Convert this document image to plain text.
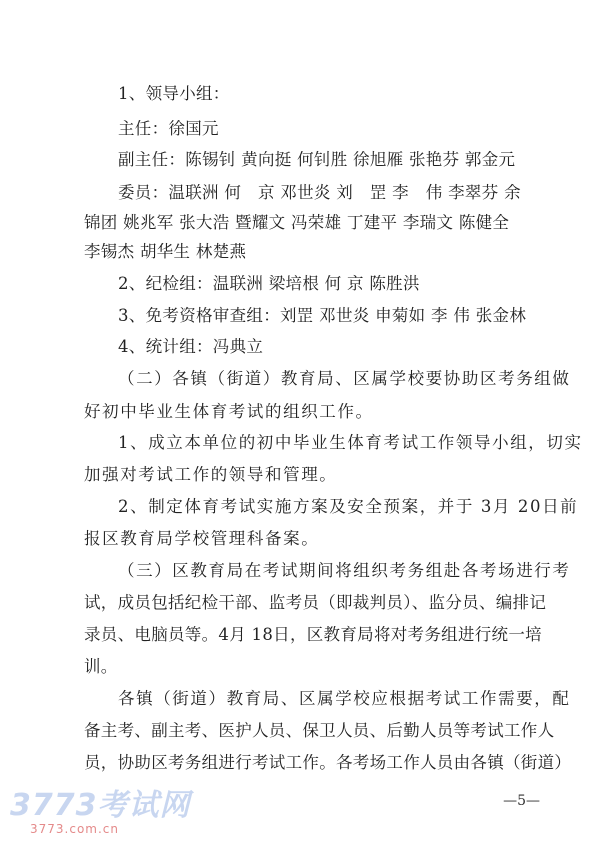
1、领导小组：
主任：徐国元
副主任：陈锡钊 黄向挺 何钊胜 徐旭雁 张艳芬 郭金元
委员：温联洲 何　京 邓世炎 刘　罡 李　伟 李翠芬 余
锦团 姚兆军 张大浩 暨耀文 冯荣雄 丁建平 李瑞文 陈健全
李锡杰 胡华生 林楚燕
2、纪检组：温联洲 梁培根 何 京 陈胜洪
3、免考资格审查组：刘罡 邓世炎 申菊如 李 伟 张金林
4、统计组：冯典立
（二）各镇（街道）教育局、区属学校要协助区考务组做
好初中毕业生体育考试的组织工作。
1、成立本单位的初中毕业生体育考试工作领导小组，切实
加强对考试工作的领导和管理。
2、制定体育考试实施方案及安全预案，并于 3月 20日前
报区教育局学校管理科备案。
（三）区教育局在考试期间将组织考务组赴各考场进行考
试，成员包括纪检干部、监考员（即裁判员）、监分员、编排记
录员、电脑员等。4月 18日，区教育局将对考务组进行统一培
训。
各镇（街道）教育局、区属学校应根据考试工作需要，配
备主考、副主考、医护人员、保卫人员、后勤人员等考试工作人
员，协助区考务组进行考试工作。各考场工作人员由各镇（街道）
3773考试网
3773.com.cn
—5—
